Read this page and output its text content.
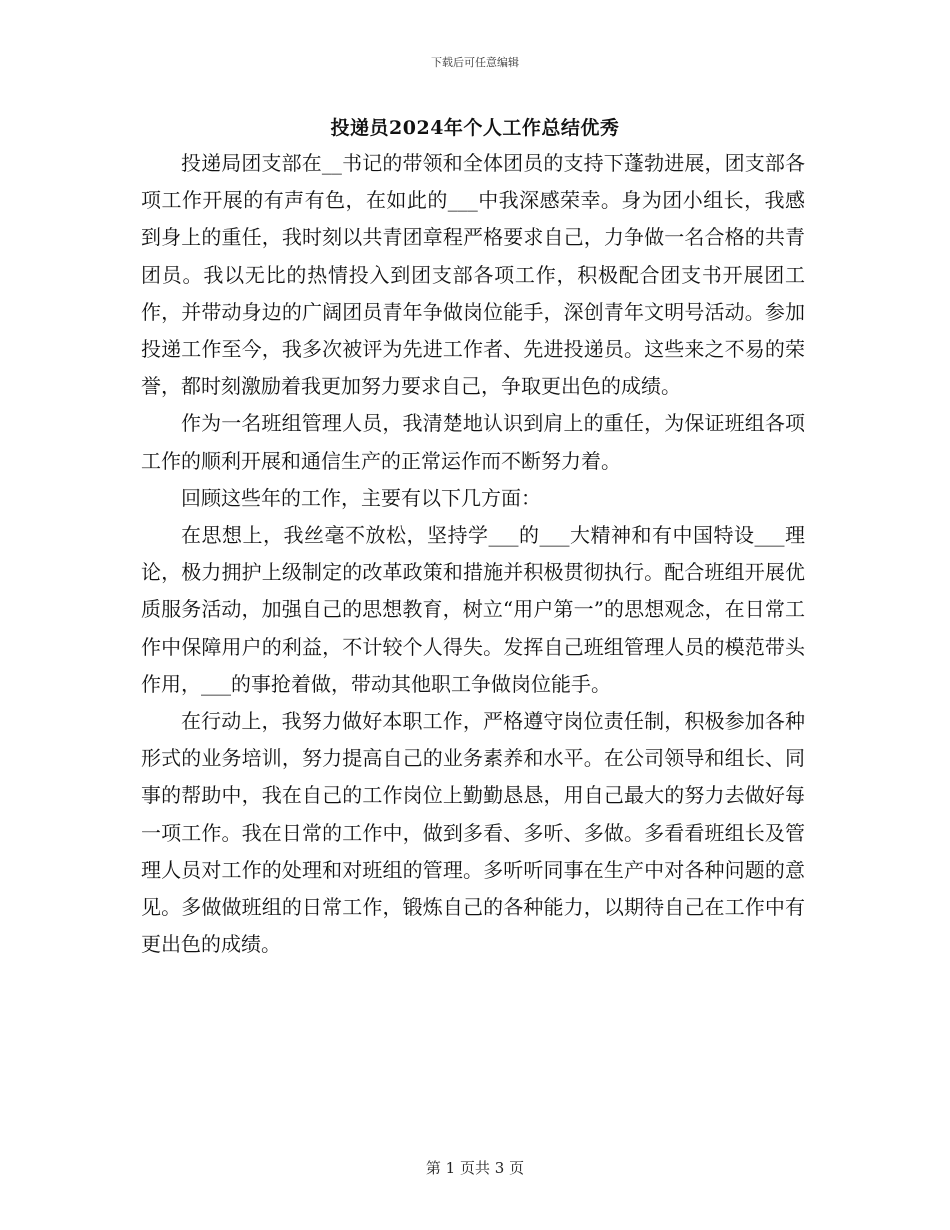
下载后可任意编辑
投递员2024年个人工作总结优秀

投递局团支部在__书记的带领和全体团员的支持下蓬勃进展，团支部各项工作开展的有声有色，在如此的___中我深感荣幸。身为团小组长，我感到身上的重任，我时刻以共青团章程严格要求自己，力争做一名合格的共青团员。我以无比的热情投入到团支部各项工作，积极配合团支书开展团工作，并带动身边的广阔团员青年争做岗位能手，深创青年文明号活动。参加投递工作至今，我多次被评为先进工作者、先进投递员。这些来之不易的荣誉，都时刻激励着我更加努力要求自己，争取更出色的成绩。

作为一名班组管理人员，我清楚地认识到肩上的重任，为保证班组各项工作的顺利开展和通信生产的正常运作而不断努力着。

回顾这些年的工作，主要有以下几方面：

在思想上，我丝毫不放松，坚持学___的___大精神和有中国特设___理论，极力拥护上级制定的改革政策和措施并积极贯彻执行。配合班组开展优质服务活动，加强自己的思想教育，树立“用户第一”的思想观念，在日常工作中保障用户的利益，不计较个人得失。发挥自己班组管理人员的模范带头作用，___的事抢着做，带动其他职工争做岗位能手。

在行动上，我努力做好本职工作，严格遵守岗位责任制，积极参加各种形式的业务培训，努力提高自己的业务素养和水平。在公司领导和组长、同事的帮助中，我在自己的工作岗位上勤勤恳恳，用自己最大的努力去做好每一项工作。我在日常的工作中，做到多看、多听、多做。多看看班组长及管理人员对工作的处理和对班组的管理。多听听同事在生产中对各种问题的意见。多做做班组的日常工作，锻炼自己的各种能力，以期待自己在工作中有更出色的成绩。

第 1 页共 3 页
